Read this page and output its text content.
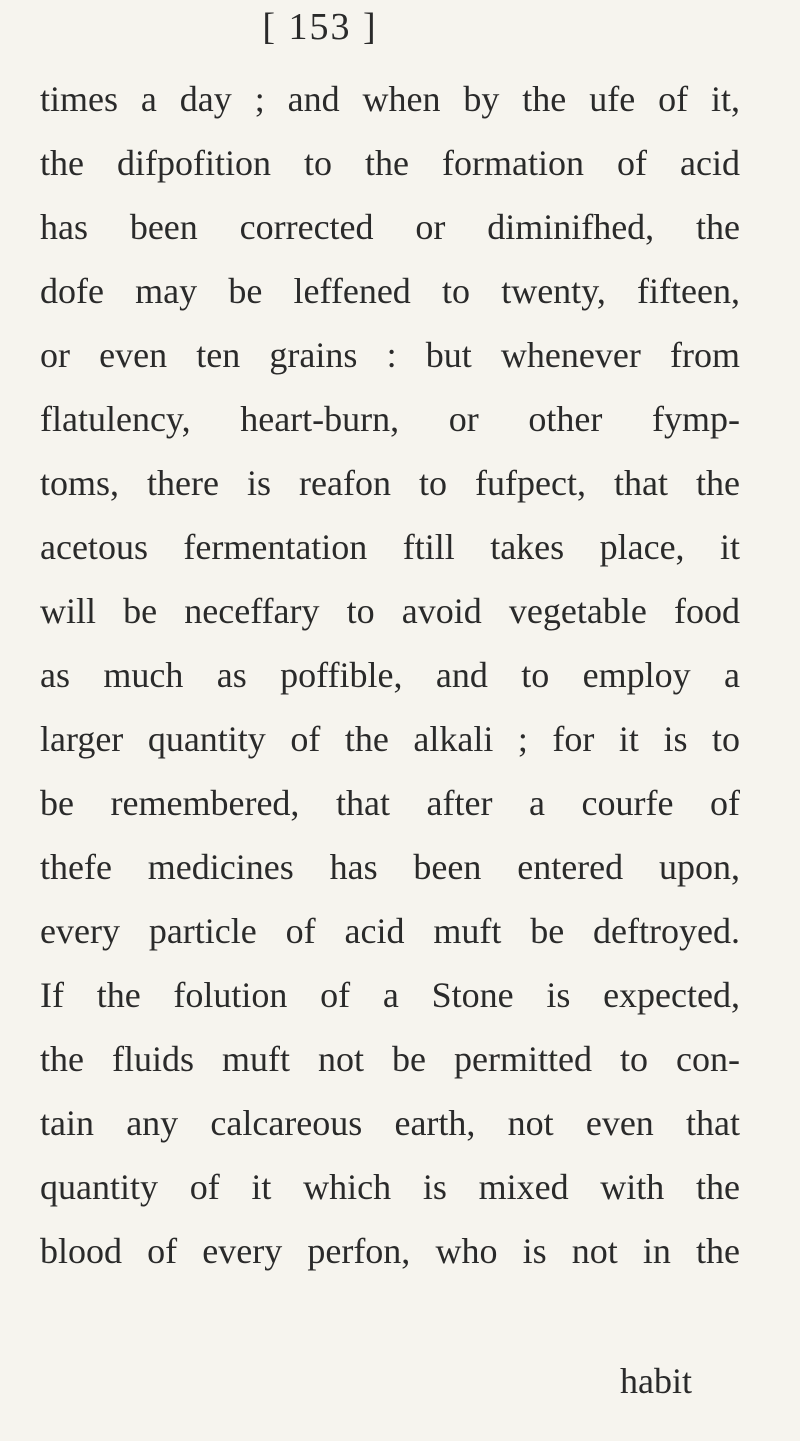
[ 153 ]
times a day ; and when by the ufe of it,
the difpofition to the formation of acid
has been corrected or diminifhed, the
dofe may be leffened to twenty, fifteen,
or even ten grains : but whenever from
flatulency, heart-burn, or other fymp-
toms, there is reafon to fufpect, that the
acetous fermentation ftill takes place, it
will be neceffary to avoid vegetable food
as much as poffible, and to employ a
larger quantity of the alkali ; for it is to
be remembered, that after a courfe of
thefe medicines has been entered upon,
every particle of acid muft be deftroyed.
If the folution of a Stone is expected,
the fluids muft not be permitted to con-
tain any calcareous earth, not even that
quantity of it which is mixed with the
blood of every perfon, who is not in the
habit
